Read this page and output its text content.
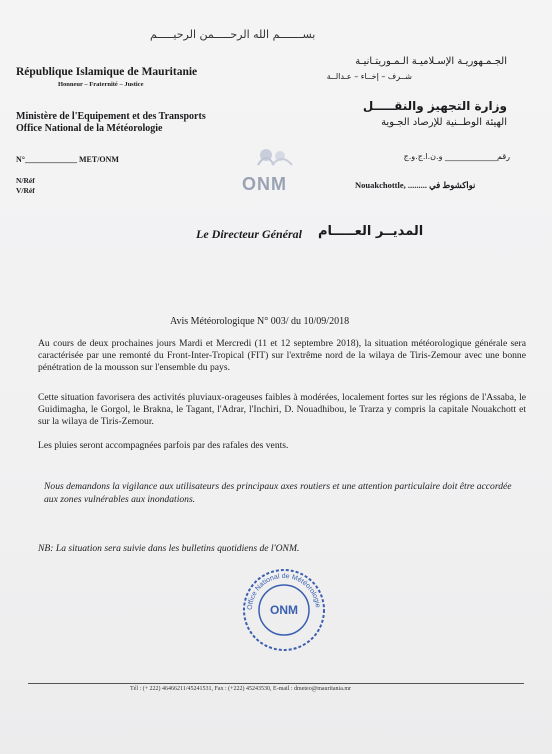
بســـــــم الله الرحـــــمن الرحيـــــم
République Islamique de Mauritanie
Honneur – Fraternité – Justice
Ministère de l'Equipement et des Transports
Office National de la Météorologie
الجـمـهوريـة الإسـلاميـة الـمـوريتـانيـة
شــرف – إخــاء – عـدالــة
وزارة التجهيز والنقـــــل
الهيئة الوطــنية للإرصاد الجـوية
N°_____________ MET/ONM	رقم_____________ و.ن.ا.ج.و.ج
ONM
N/Réf
V/Réf
Nouakchottle, ......... نواكشوط في
Le Directeur Général المديــر العـــــام
Avis Météorologique N° 003/ du 10/09/2018
Au cours de deux prochaines jours Mardi et Mercredi (11 et 12 septembre 2018), la situation météorologique générale sera caractérisée par une remonté du Front-Inter-Tropical (FIT) sur l'extrême nord de la wilaya de Tiris-Zemour avec une bonne pénétration de la mousson sur l'ensemble du pays.
Cette situation favorisera des activités pluviaux-orageuses faibles à modérées, localement fortes sur les régions de l'Assaba, le Guidimagha, le Gorgol, le Brakna, le Tagant, l'Adrar, l'Inchiri, D. Nouadhibou, le Trarza y compris la capitale Nouakchott et sur la wilaya de Tiris-Zemour.
Les pluies seront accompagnées parfois par des rafales des vents.
Nous demandons la vigilance aux utilisateurs des principaux axes routiers et une attention particulaire doit être accordée aux zones vulnérables aux inondations.
NB: La situation sera suivie dans les bulletins quotidiens de l'ONM.
Office National de Météorologie
ONM
Tél : (+ 222) 46466211/45241531, Fax : (+222) 45243530, E-mail : dmeteo@mauritania.mr
